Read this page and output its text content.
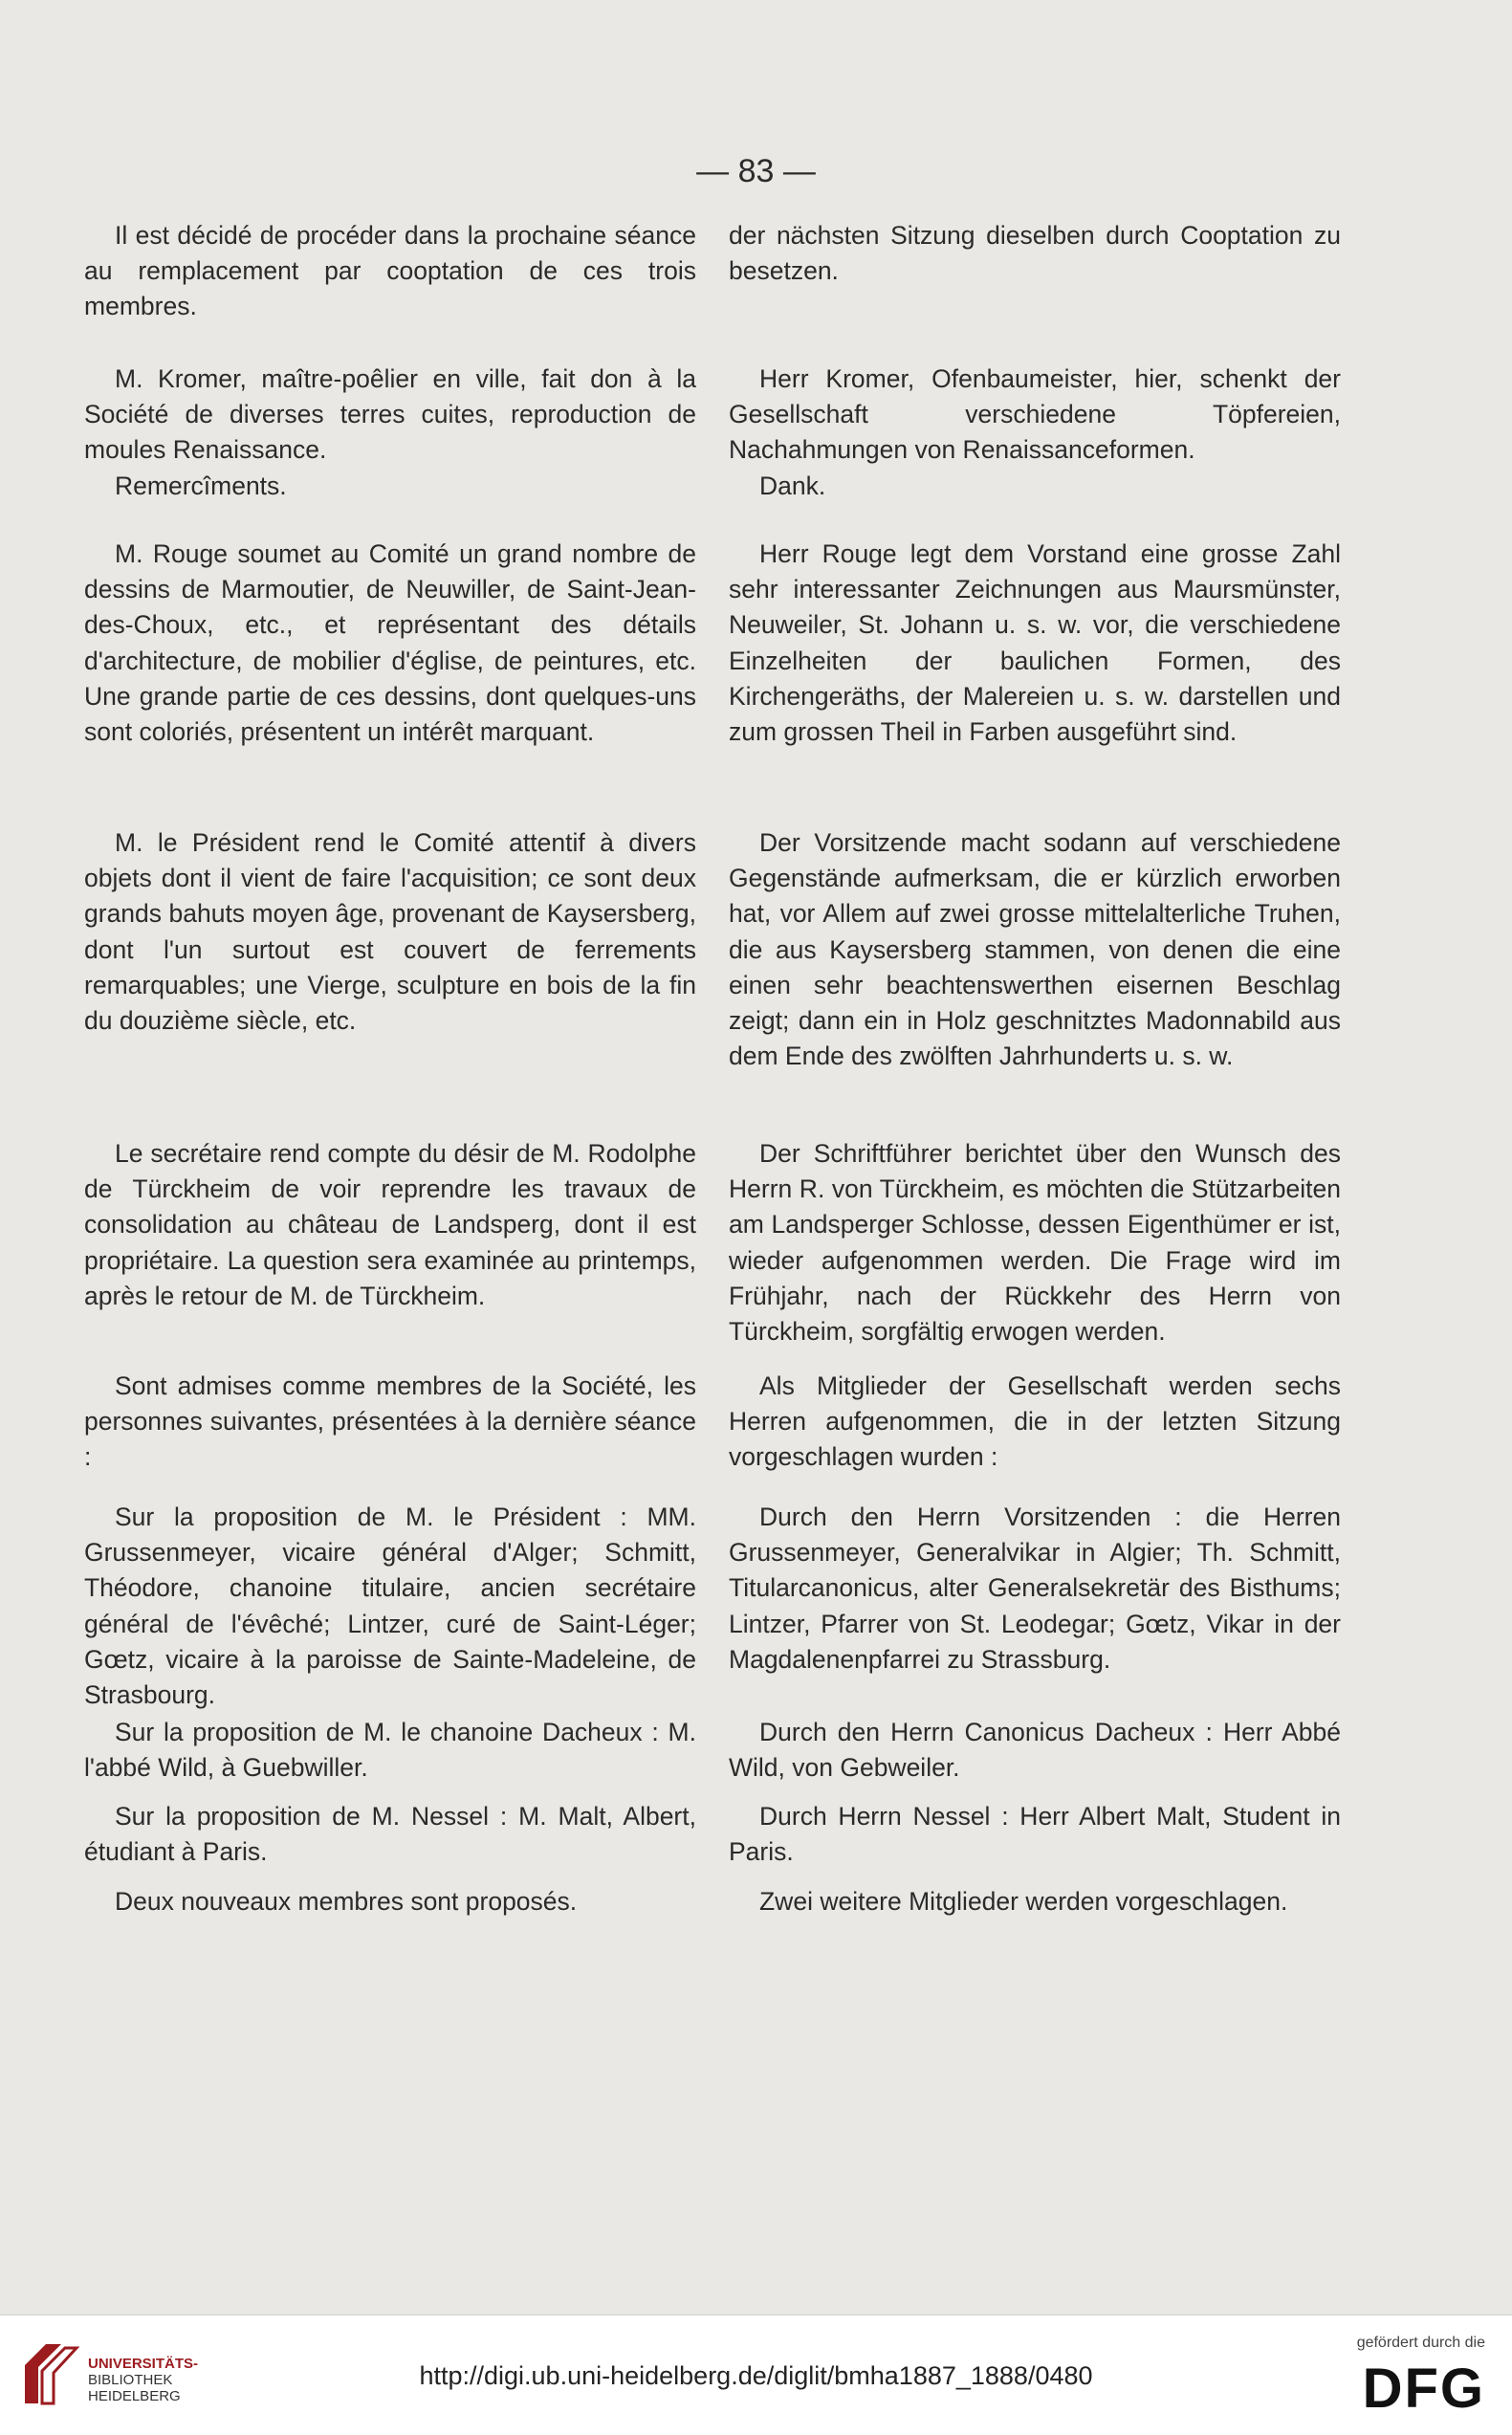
— 83 —

Il est décidé de procéder dans la prochaine séance au remplacement par cooptation de ces trois membres.

M. Kromer, maître-poêlier en ville, fait don à la Société de diverses terres cuites, reproduction de moules Renaissance.

Remercîments.

M. Rouge soumet au Comité un grand nombre de dessins de Marmoutier, de Neuwiller, de Saint-Jean-des-Choux, etc., et représentant des détails d'architecture, de mobilier d'église, de peintures, etc. Une grande partie de ces dessins, dont quelques-uns sont coloriés, présentent un intérêt marquant.

M. le Président rend le Comité attentif à divers objets dont il vient de faire l'acquisition; ce sont deux grands bahuts moyen âge, provenant de Kaysersberg, dont l'un surtout est couvert de ferrements remarquables; une Vierge, sculpture en bois de la fin du douzième siècle, etc.

Le secrétaire rend compte du désir de M. Rodolphe de Türckheim de voir reprendre les travaux de consolidation au château de Landsperg, dont il est propriétaire. La question sera examinée au printemps, après le retour de M. de Türckheim.

Sont admises comme membres de la Société, les personnes suivantes, présentées à la dernière séance :

Sur la proposition de M. le Président : MM. Grussenmeyer, vicaire général d'Alger; Schmitt, Théodore, chanoine titulaire, ancien secrétaire général de l'évêché; Lintzer, curé de Saint-Léger; Gœtz, vicaire à la paroisse de Sainte-Madeleine, de Strasbourg.

Sur la proposition de M. le chanoine Dacheux : M. l'abbé Wild, à Guebwiller.

Sur la proposition de M. Nessel : M. Malt, Albert, étudiant à Paris.

Deux nouveaux membres sont proposés.

der nächsten Sitzung dieselben durch Cooptation zu besetzen.

Herr Kromer, Ofenbaumeister, hier, schenkt der Gesellschaft verschiedene Töpfereien, Nachahmungen von Renaissanceformen.

Dank.

Herr Rouge legt dem Vorstand eine grosse Zahl sehr interessanter Zeichnungen aus Maursmünster, Neuweiler, St. Johann u. s. w. vor, die verschiedene Einzelheiten der baulichen Formen, des Kirchengeräths, der Malereien u. s. w. darstellen und zum grossen Theil in Farben ausgeführt sind.

Der Vorsitzende macht sodann auf verschiedene Gegenstände aufmerksam, die er kürzlich erworben hat, vor Allem auf zwei grosse mittelalterliche Truhen, die aus Kaysersberg stammen, von denen die eine einen sehr beachtenswerthen eisernen Beschlag zeigt; dann ein in Holz geschnitztes Madonnabild aus dem Ende des zwölften Jahrhunderts u. s. w.

Der Schriftführer berichtet über den Wunsch des Herrn R. von Türckheim, es möchten die Stützarbeiten am Landsperger Schlosse, dessen Eigenthümer er ist, wieder aufgenommen werden. Die Frage wird im Frühjahr, nach der Rückkehr des Herrn von Türckheim, sorgfältig erwogen werden.

Als Mitglieder der Gesellschaft werden sechs Herren aufgenommen, die in der letzten Sitzung vorgeschlagen wurden :

Durch den Herrn Vorsitzenden : die Herren Grussenmeyer, Generalvikar in Algier; Th. Schmitt, Titularcanonicus, alter Generalsekretär des Bisthums; Lintzer, Pfarrer von St. Leodegar; Gœtz, Vikar in der Magdalenenpfarrei zu Strassburg.

Durch den Herrn Canonicus Dacheux : Herr Abbé Wild, von Gebweiler.

Durch Herrn Nessel : Herr Albert Malt, Student in Paris.

Zwei weitere Mitglieder werden vorgeschlagen.

UNIVERSITÄTS-
BIBLIOTHEK
HEIDELBERG
http://digi.ub.uni-heidelberg.de/diglit/bmha1887_1888/0480
gefördert durch die
DFG
